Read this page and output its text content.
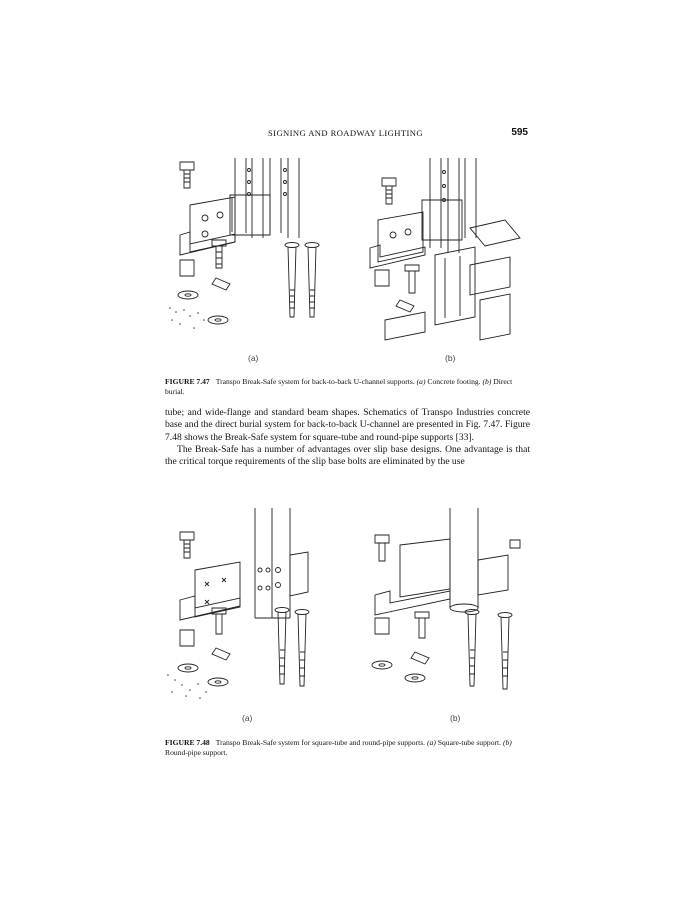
SIGNING AND ROADWAY LIGHTING	595
(a)	(b)
FIGURE 7.47 Transpo Break-Safe system for back-to-back U-channel supports. (a) Concrete footing. (b) Direct burial.

tube; and wide-flange and standard beam shapes. Schematics of Transpo Industries concrete base and the direct burial system for back-to-back U-channel are presented in Fig. 7.47. Figure 7.48 shows the Break-Safe system for square-tube and round-pipe supports [33].

The Break-Safe has a number of advantages over slip base designs. One advantage is that the critical torque requirements of the slip base bolts are eliminated by the use

(a)	(b)
FIGURE 7.48 Transpo Break-Safe system for square-tube and round-pipe supports. (a) Square-tube support. (b) Round-pipe support.
